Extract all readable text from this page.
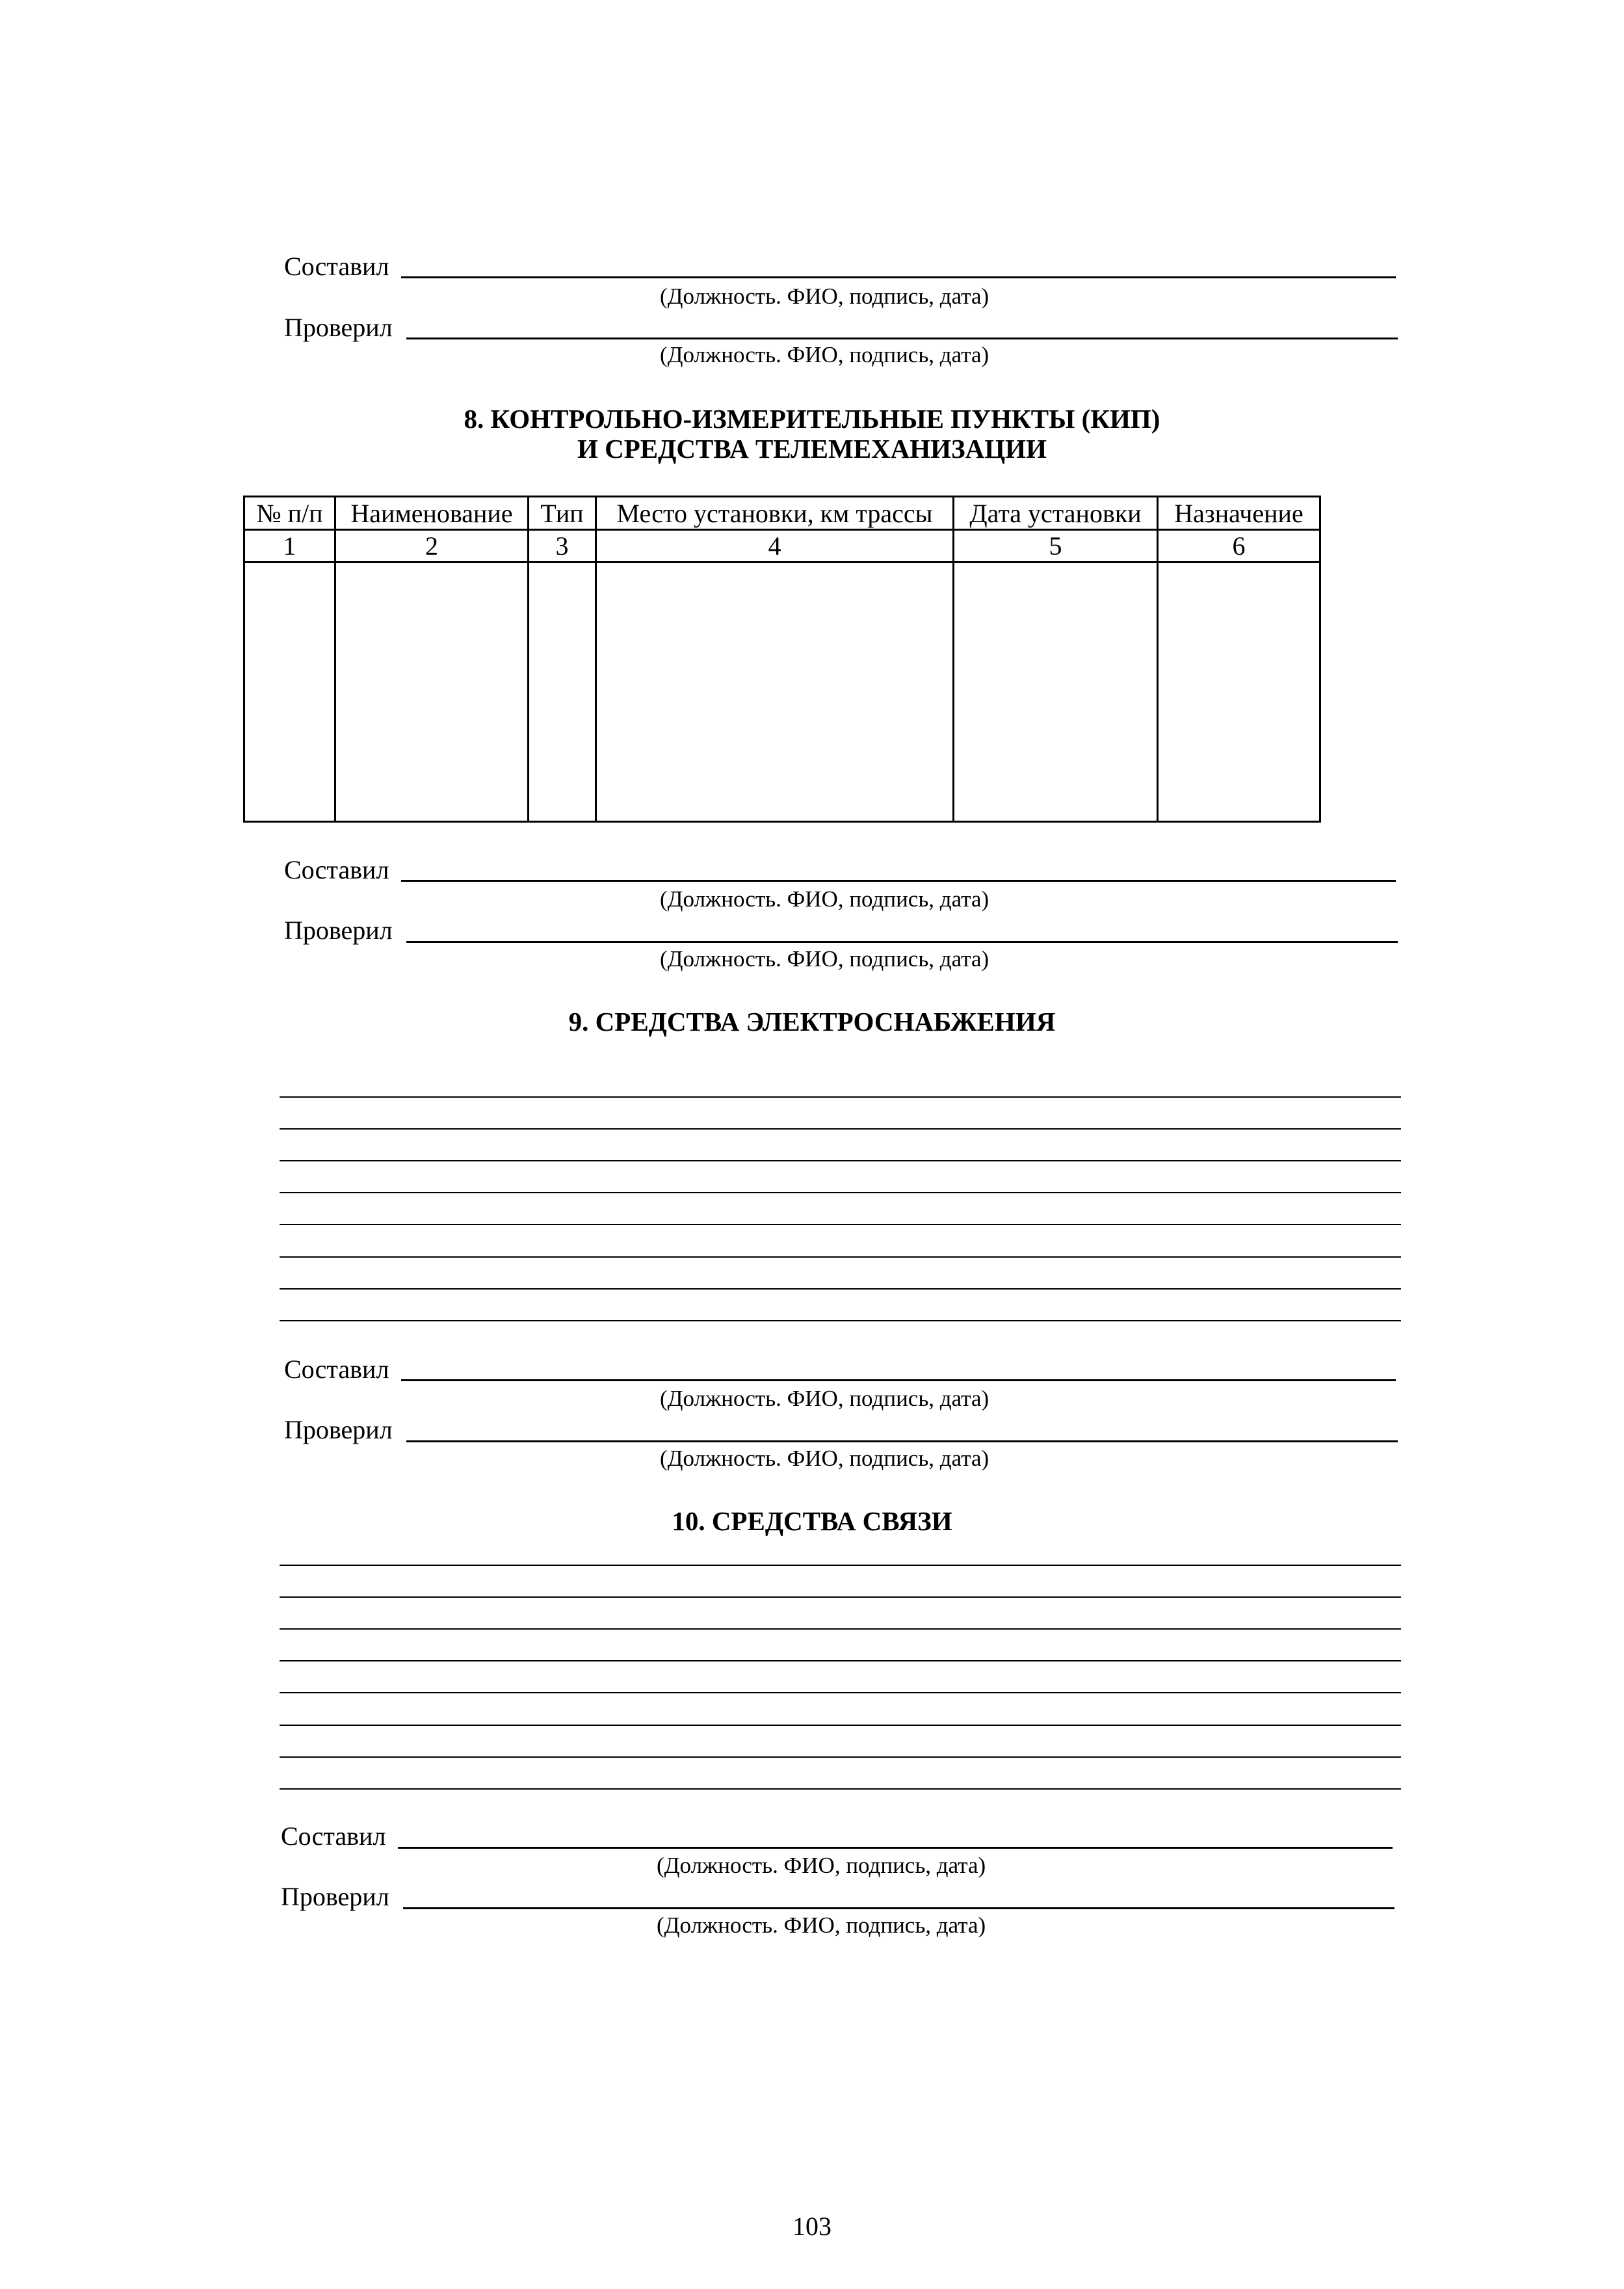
Составил
(Должность. ФИО, подпись, дата)
Проверил
(Должность. ФИО, подпись, дата)
8. КОНТРОЛЬНО-ИЗМЕРИТЕЛЬНЫЕ ПУНКТЫ (КИП)
И СРЕДСТВА ТЕЛЕМЕХАНИЗАЦИИ
№ п/п	Наименование	Тип	Место установки, км трассы	Дата установки	Назначение
1	2	3	4	5	6

Составил
(Должность. ФИО, подпись, дата)
Проверил
(Должность. ФИО, подпись, дата)
9. СРЕДСТВА ЭЛЕКТРОСНАБЖЕНИЯ
Составил
(Должность. ФИО, подпись, дата)
Проверил
(Должность. ФИО, подпись, дата)
10. СРЕДСТВА СВЯЗИ
Составил
(Должность. ФИО, подпись, дата)
Проверил
(Должность. ФИО, подпись, дата)
103
